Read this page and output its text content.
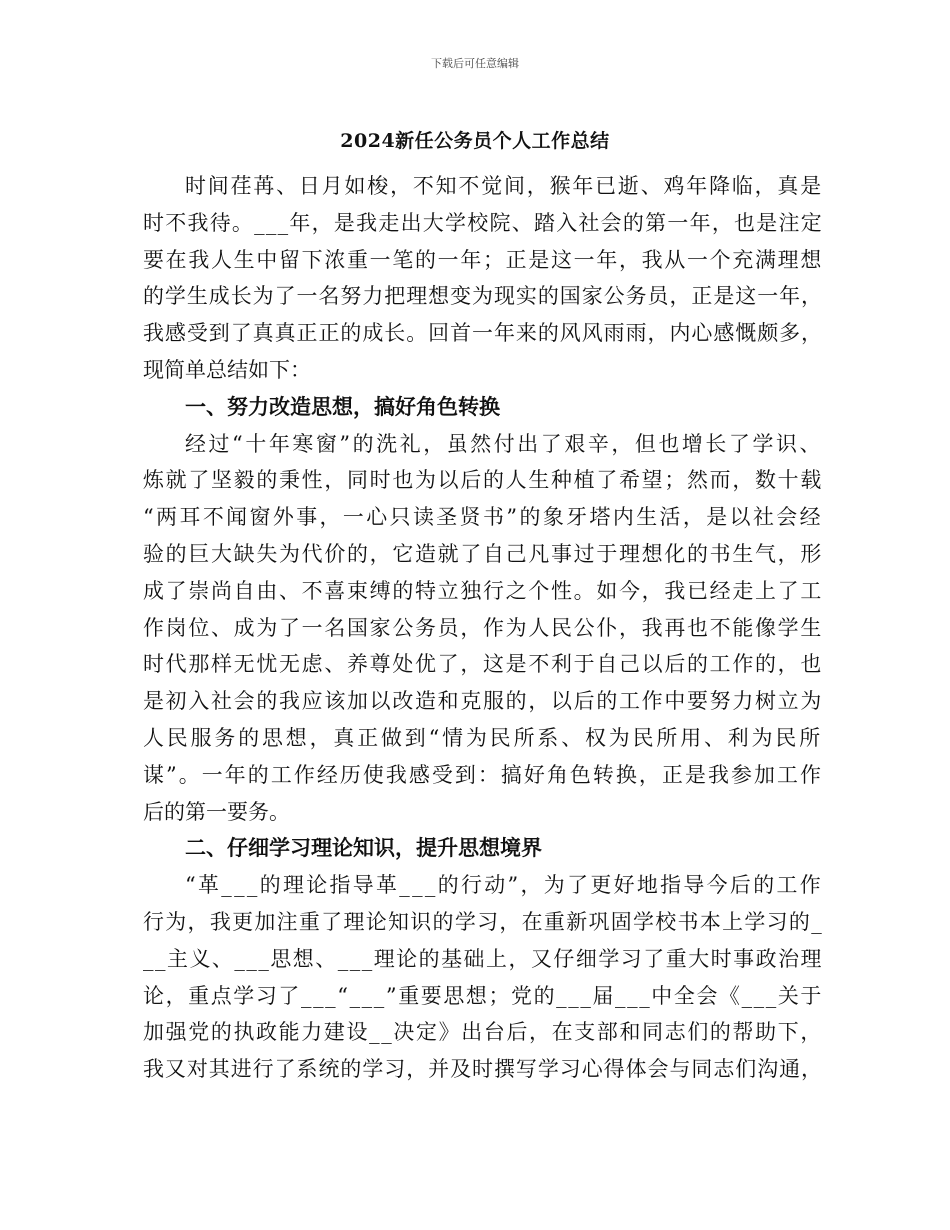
下载后可任意编辑
2024新任公务员个人工作总结
时间荏苒、日月如梭，不知不觉间，猴年已逝、鸡年降临，真是
时不我待。___年，是我走出大学校院、踏入社会的第一年，也是注定
要在我人生中留下浓重一笔的一年；正是这一年，我从一个充满理想
的学生成长为了一名努力把理想变为现实的国家公务员，正是这一年，
我感受到了真真正正的成长。回首一年来的风风雨雨，内心感慨颇多，
现简单总结如下：
一、努力改造思想，搞好角色转换
经过“十年寒窗”的洗礼，虽然付出了艰辛，但也增长了学识、
炼就了坚毅的秉性，同时也为以后的人生种植了希望；然而，数十载
“两耳不闻窗外事，一心只读圣贤书”的象牙塔内生活，是以社会经
验的巨大缺失为代价的，它造就了自己凡事过于理想化的书生气，形
成了崇尚自由、不喜束缚的特立独行之个性。如今，我已经走上了工
作岗位、成为了一名国家公务员，作为人民公仆，我再也不能像学生
时代那样无忧无虑、养尊处优了，这是不利于自己以后的工作的，也
是初入社会的我应该加以改造和克服的，以后的工作中要努力树立为
人民服务的思想，真正做到“情为民所系、权为民所用、利为民所
谋”。一年的工作经历使我感受到：搞好角色转换，正是我参加工作
后的第一要务。
二、仔细学习理论知识，提升思想境界
“革___的理论指导革___的行动”，为了更好地指导今后的工作
行为，我更加注重了理论知识的学习，在重新巩固学校书本上学习的_
__主义、___思想、___理论的基础上，又仔细学习了重大时事政治理
论，重点学习了___“___”重要思想；党的___届___中全会《___关于
加强党的执政能力建设__决定》出台后，在支部和同志们的帮助下，
我又对其进行了系统的学习，并及时撰写学习心得体会与同志们沟通，
